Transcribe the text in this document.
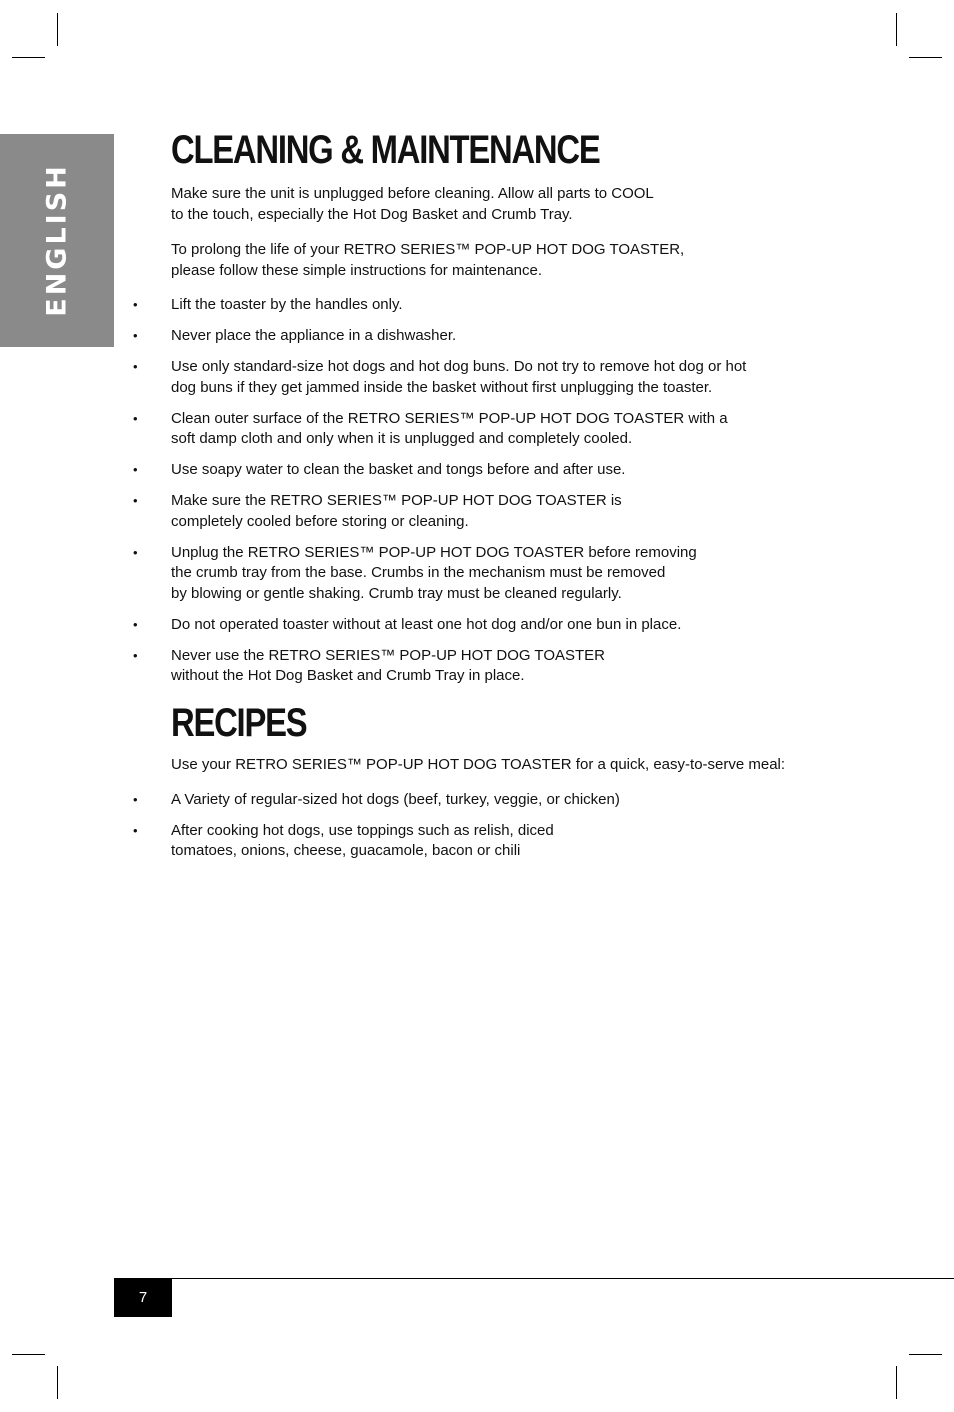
ENGLISH
CLEANING & MAINTENANCE

Make sure the unit is unplugged before cleaning. Allow all parts to COOL
to the touch, especially the Hot Dog Basket and Crumb Tray.

To prolong the life of your RETRO SERIES™ POP-UP HOT DOG TOASTER,
please follow these simple instructions for maintenance.

• Lift the toaster by the handles only.
• Never place the appliance in a dishwasher.
• Use only standard-size hot dogs and hot dog buns. Do not try to remove hot dog or hot
dog buns if they get jammed inside the basket without first unplugging the toaster.
• Clean outer surface of the RETRO SERIES™ POP-UP HOT DOG TOASTER with a
soft damp cloth and only when it is unplugged and completely cooled.
• Use soapy water to clean the basket and tongs before and after use.
• Make sure the RETRO SERIES™ POP-UP HOT DOG TOASTER is
completely cooled before storing or cleaning.
• Unplug the RETRO SERIES™ POP-UP HOT DOG TOASTER before removing
the crumb tray from the base. Crumbs in the mechanism must be removed
by blowing or gentle shaking. Crumb tray must be cleaned regularly.
• Do not operated toaster without at least one hot dog and/or one bun in place.
• Never use the RETRO SERIES™ POP-UP HOT DOG TOASTER
without the Hot Dog Basket and Crumb Tray in place.
RECIPES

Use your RETRO SERIES™ POP-UP HOT DOG TOASTER for a quick, easy-to-serve meal:

• A Variety of regular-sized hot dogs (beef, turkey, veggie, or chicken)
• After cooking hot dogs, use toppings such as relish, diced
tomatoes, onions, cheese, guacamole, bacon or chili
7
